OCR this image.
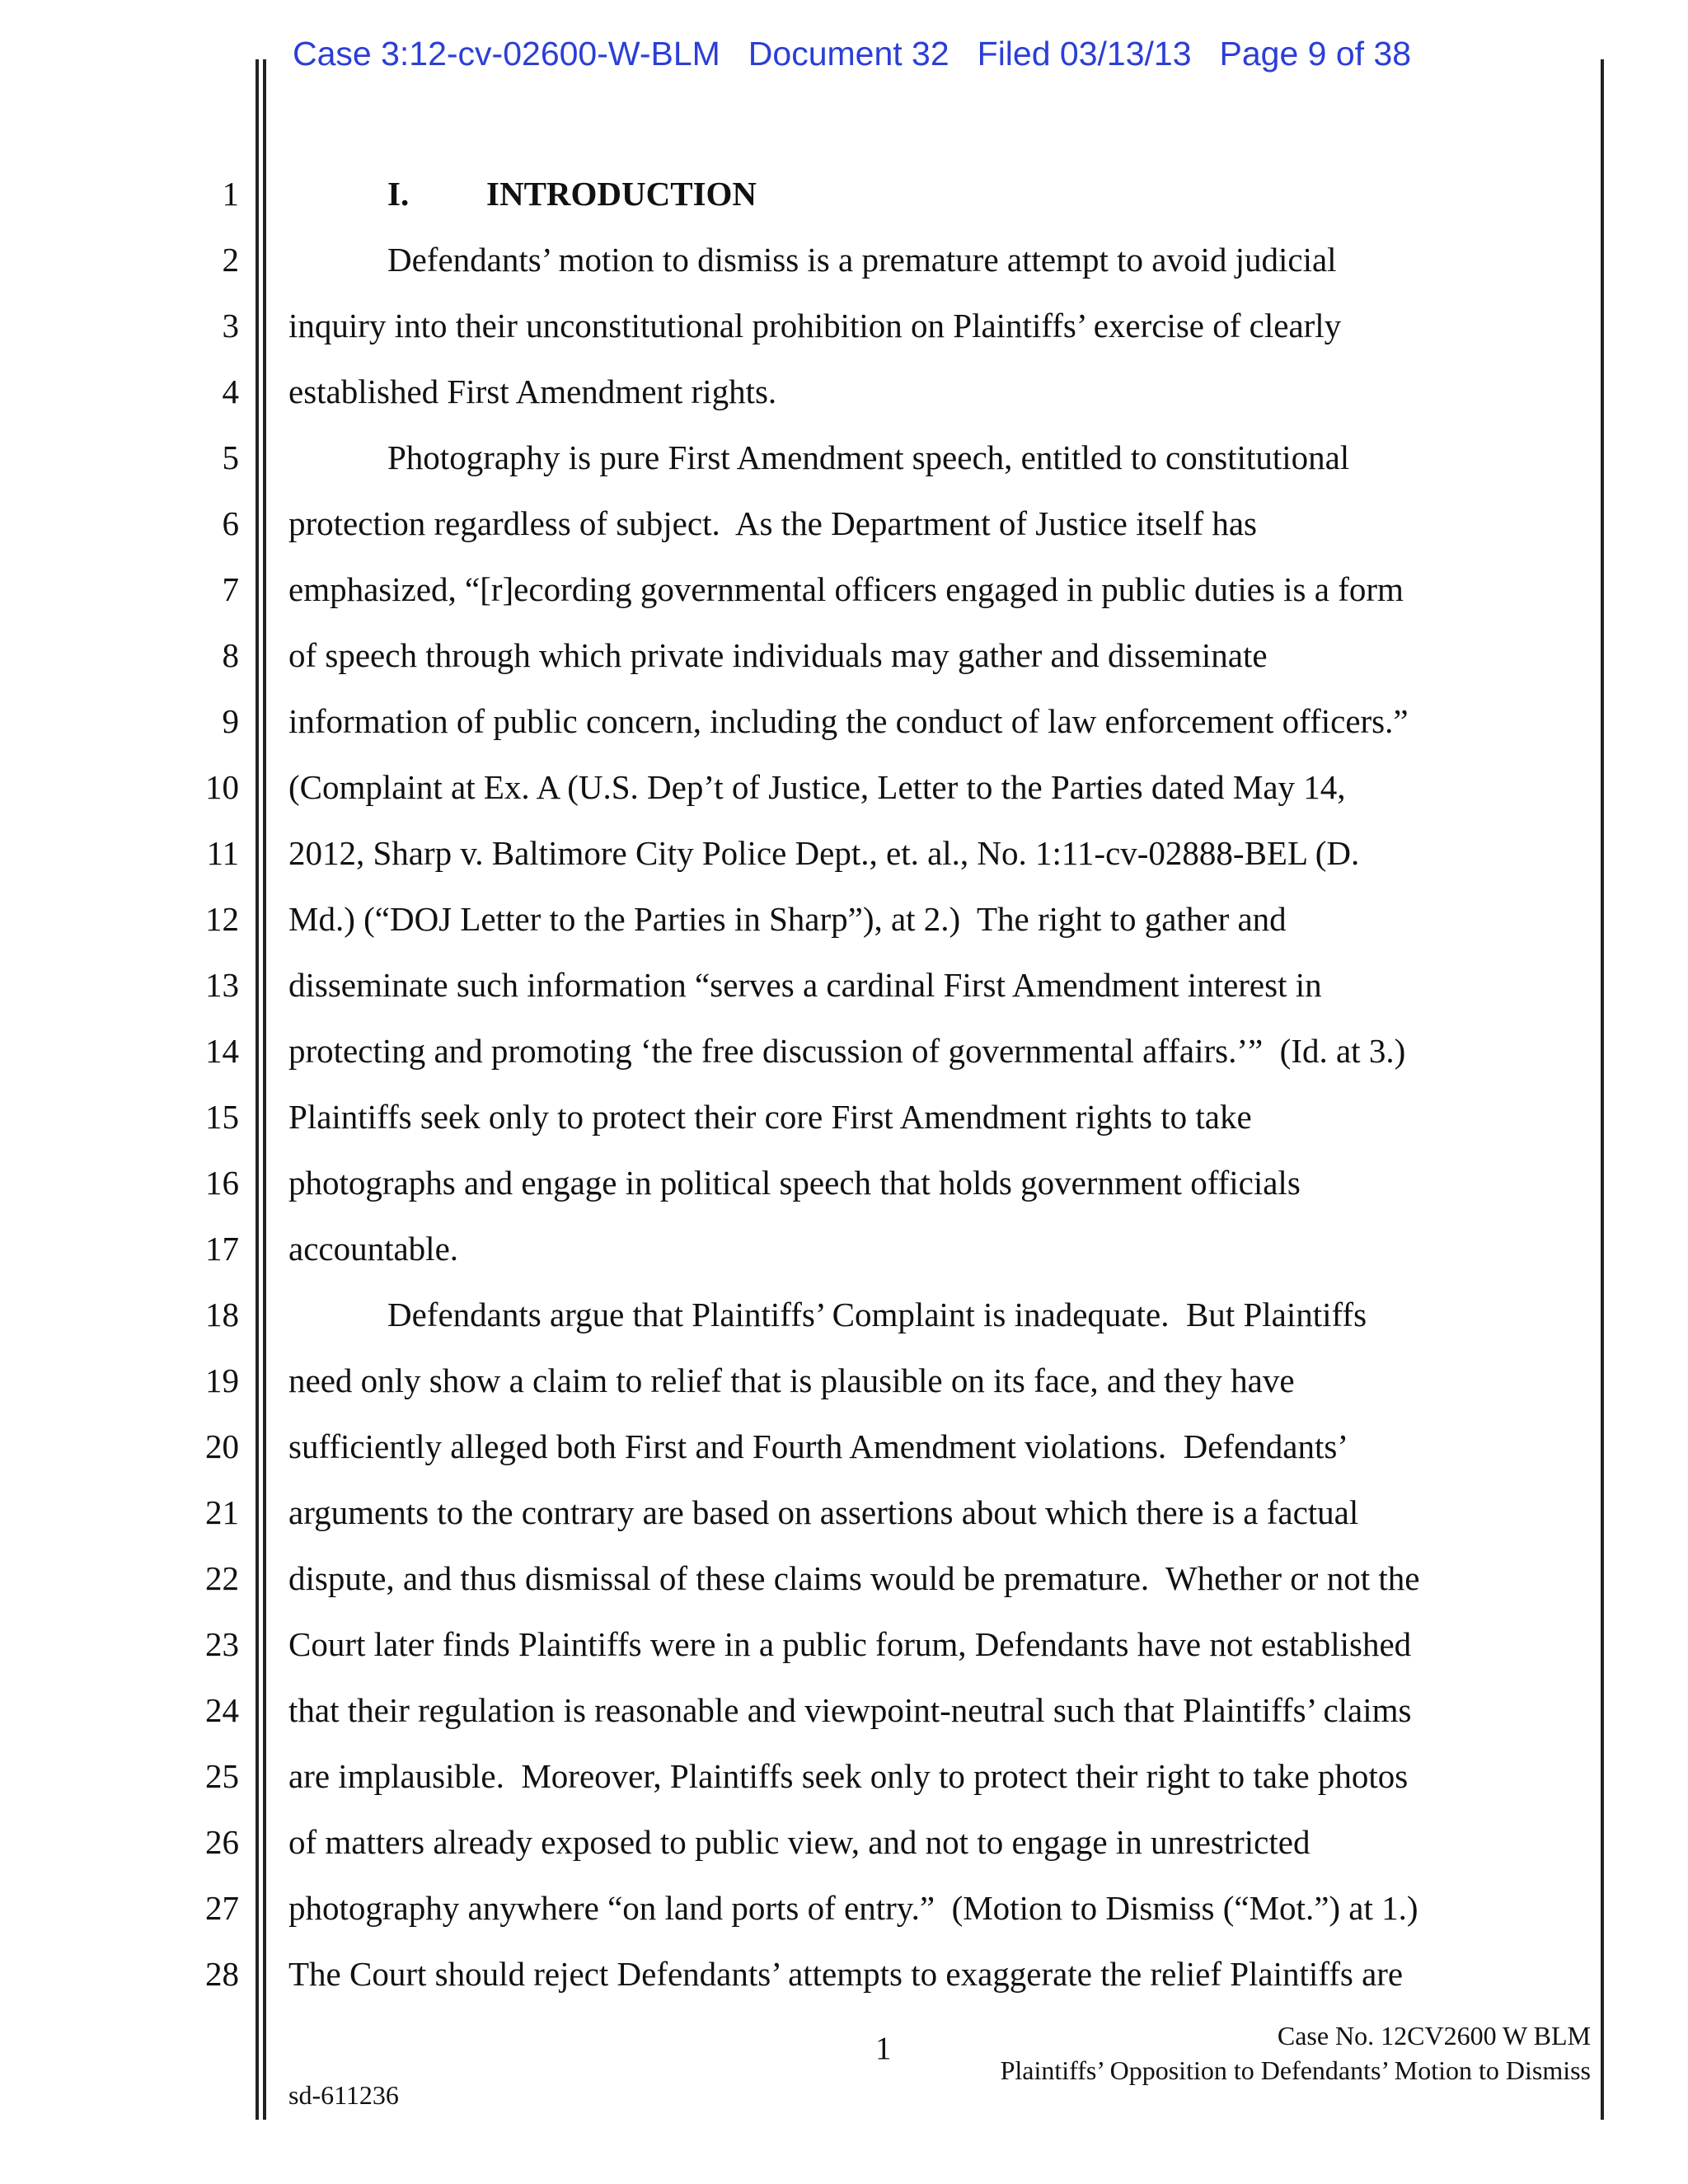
Case 3:12-cv-02600-W-BLM Document 32 Filed 03/13/13 Page 9 of 38
1
2
3
4
5
6
7
8
9
10
11
12
13
14
15
16
17
18
19
20
21
22
23
24
25
26
27
28
I. INTRODUCTION
Defendants’ motion to dismiss is a premature attempt to avoid judicial
inquiry into their unconstitutional prohibition on Plaintiffs’ exercise of clearly
established First Amendment rights.
Photography is pure First Amendment speech, entitled to constitutional
protection regardless of subject.  As the Department of Justice itself has
emphasized, “[r]ecording governmental officers engaged in public duties is a form
of speech through which private individuals may gather and disseminate
information of public concern, including the conduct of law enforcement officers.”
(Complaint at Ex. A (U.S. Dep’t of Justice, Letter to the Parties dated May 14,
2012, Sharp v. Baltimore City Police Dept., et. al., No. 1:11-cv-02888-BEL (D.
Md.) (“DOJ Letter to the Parties in Sharp”), at 2.)  The right to gather and
disseminate such information “serves a cardinal First Amendment interest in
protecting and promoting ‘the free discussion of governmental affairs.’”  (Id. at 3.)
Plaintiffs seek only to protect their core First Amendment rights to take
photographs and engage in political speech that holds government officials
accountable.
Defendants argue that Plaintiffs’ Complaint is inadequate.  But Plaintiffs
need only show a claim to relief that is plausible on its face, and they have
sufficiently alleged both First and Fourth Amendment violations.  Defendants’
arguments to the contrary are based on assertions about which there is a factual
dispute, and thus dismissal of these claims would be premature.  Whether or not the
Court later finds Plaintiffs were in a public forum, Defendants have not established
that their regulation is reasonable and viewpoint-neutral such that Plaintiffs’ claims
are implausible.  Moreover, Plaintiffs seek only to protect their right to take photos
of matters already exposed to public view, and not to engage in unrestricted
photography anywhere “on land ports of entry.”  (Motion to Dismiss (“Mot.”) at 1.)
The Court should reject Defendants’ attempts to exaggerate the relief Plaintiffs are
1	Case No. 12CV2600 W BLM
Plaintiffs’ Opposition to Defendants’ Motion to Dismiss
sd-611236
